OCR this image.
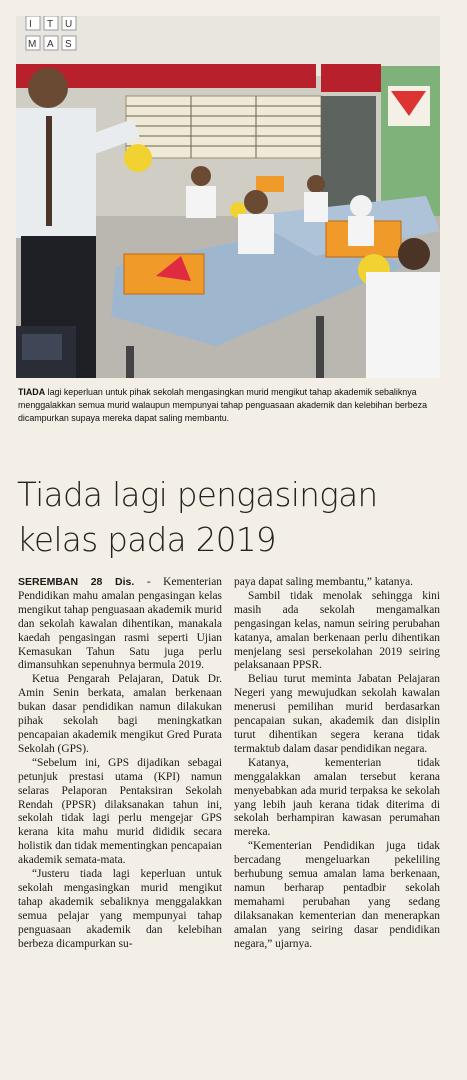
I T U
M A S
TIADA lagi keperluan untuk pihak sekolah mengasingkan murid mengikut tahap akademik sebaliknya menggalakkan semua murid walaupun mempunyai tahap penguasaan akademik dan kelebihan berbeza dicampurkan supaya mereka dapat saling membantu.
Tiada lagi pengasingan
kelas pada 2019

SEREMBAN 28 Dis. - Kementerian Pendidikan mahu amalan pengasingan kelas mengikut tahap penguasaan akademik murid dan sekolah kawalan dihentikan, manakala kaedah pengasingan rasmi seperti Ujian Kemasukan Tahun Satu juga perlu dimansuhkan sepenuhnya bermula 2019.

Ketua Pengarah Pelajaran, Datuk Dr. Amin Senin berkata, amalan berkenaan bukan dasar pendidikan namun dilakukan pihak sekolah bagi meningkatkan pencapaian akademik mengikut Gred Purata Sekolah (GPS).

“Sebelum ini, GPS dijadikan sebagai petunjuk prestasi utama (KPI) namun selaras Pelaporan Pentaksiran Sekolah Rendah (PPSR) dilaksanakan tahun ini, sekolah tidak lagi perlu mengejar GPS kerana kita mahu murid dididik secara holistik dan tidak mementingkan pencapaian akademik semata-mata.

“Justeru tiada lagi keperluan untuk sekolah mengasingkan murid mengikut tahap akademik sebaliknya menggalakkan semua pelajar yang mempunyai tahap penguasaan akademik dan kelebihan berbeza dicampurkan su-

paya dapat saling membantu,” katanya.

Sambil tidak menolak sehingga kini masih ada sekolah mengamalkan pengasingan kelas, namun seiring perubahan katanya, amalan berkenaan perlu dihentikan menjelang sesi persekolahan 2019 seiring pelaksanaan PPSR.

Beliau turut meminta Jabatan Pelajaran Negeri yang mewujudkan sekolah kawalan menerusi pemilihan murid berdasarkan pencapaian sukan, akademik dan disiplin turut dihentikan segera kerana tidak termaktub dalam dasar pendidikan negara.

Katanya, kementerian tidak menggalakkan amalan tersebut kerana menyebabkan ada murid terpaksa ke sekolah yang lebih jauh kerana tidak diterima di sekolah berhampiran kawasan perumahan mereka.

“Kementerian Pendidikan juga tidak bercadang mengeluarkan pekeliling berhubung semua amalan lama berkenaan, namun berharap pentadbir sekolah memahami perubahan yang sedang dilaksanakan kementerian dan menerapkan amalan yang seiring dasar pendidikan negara,” ujarnya.
